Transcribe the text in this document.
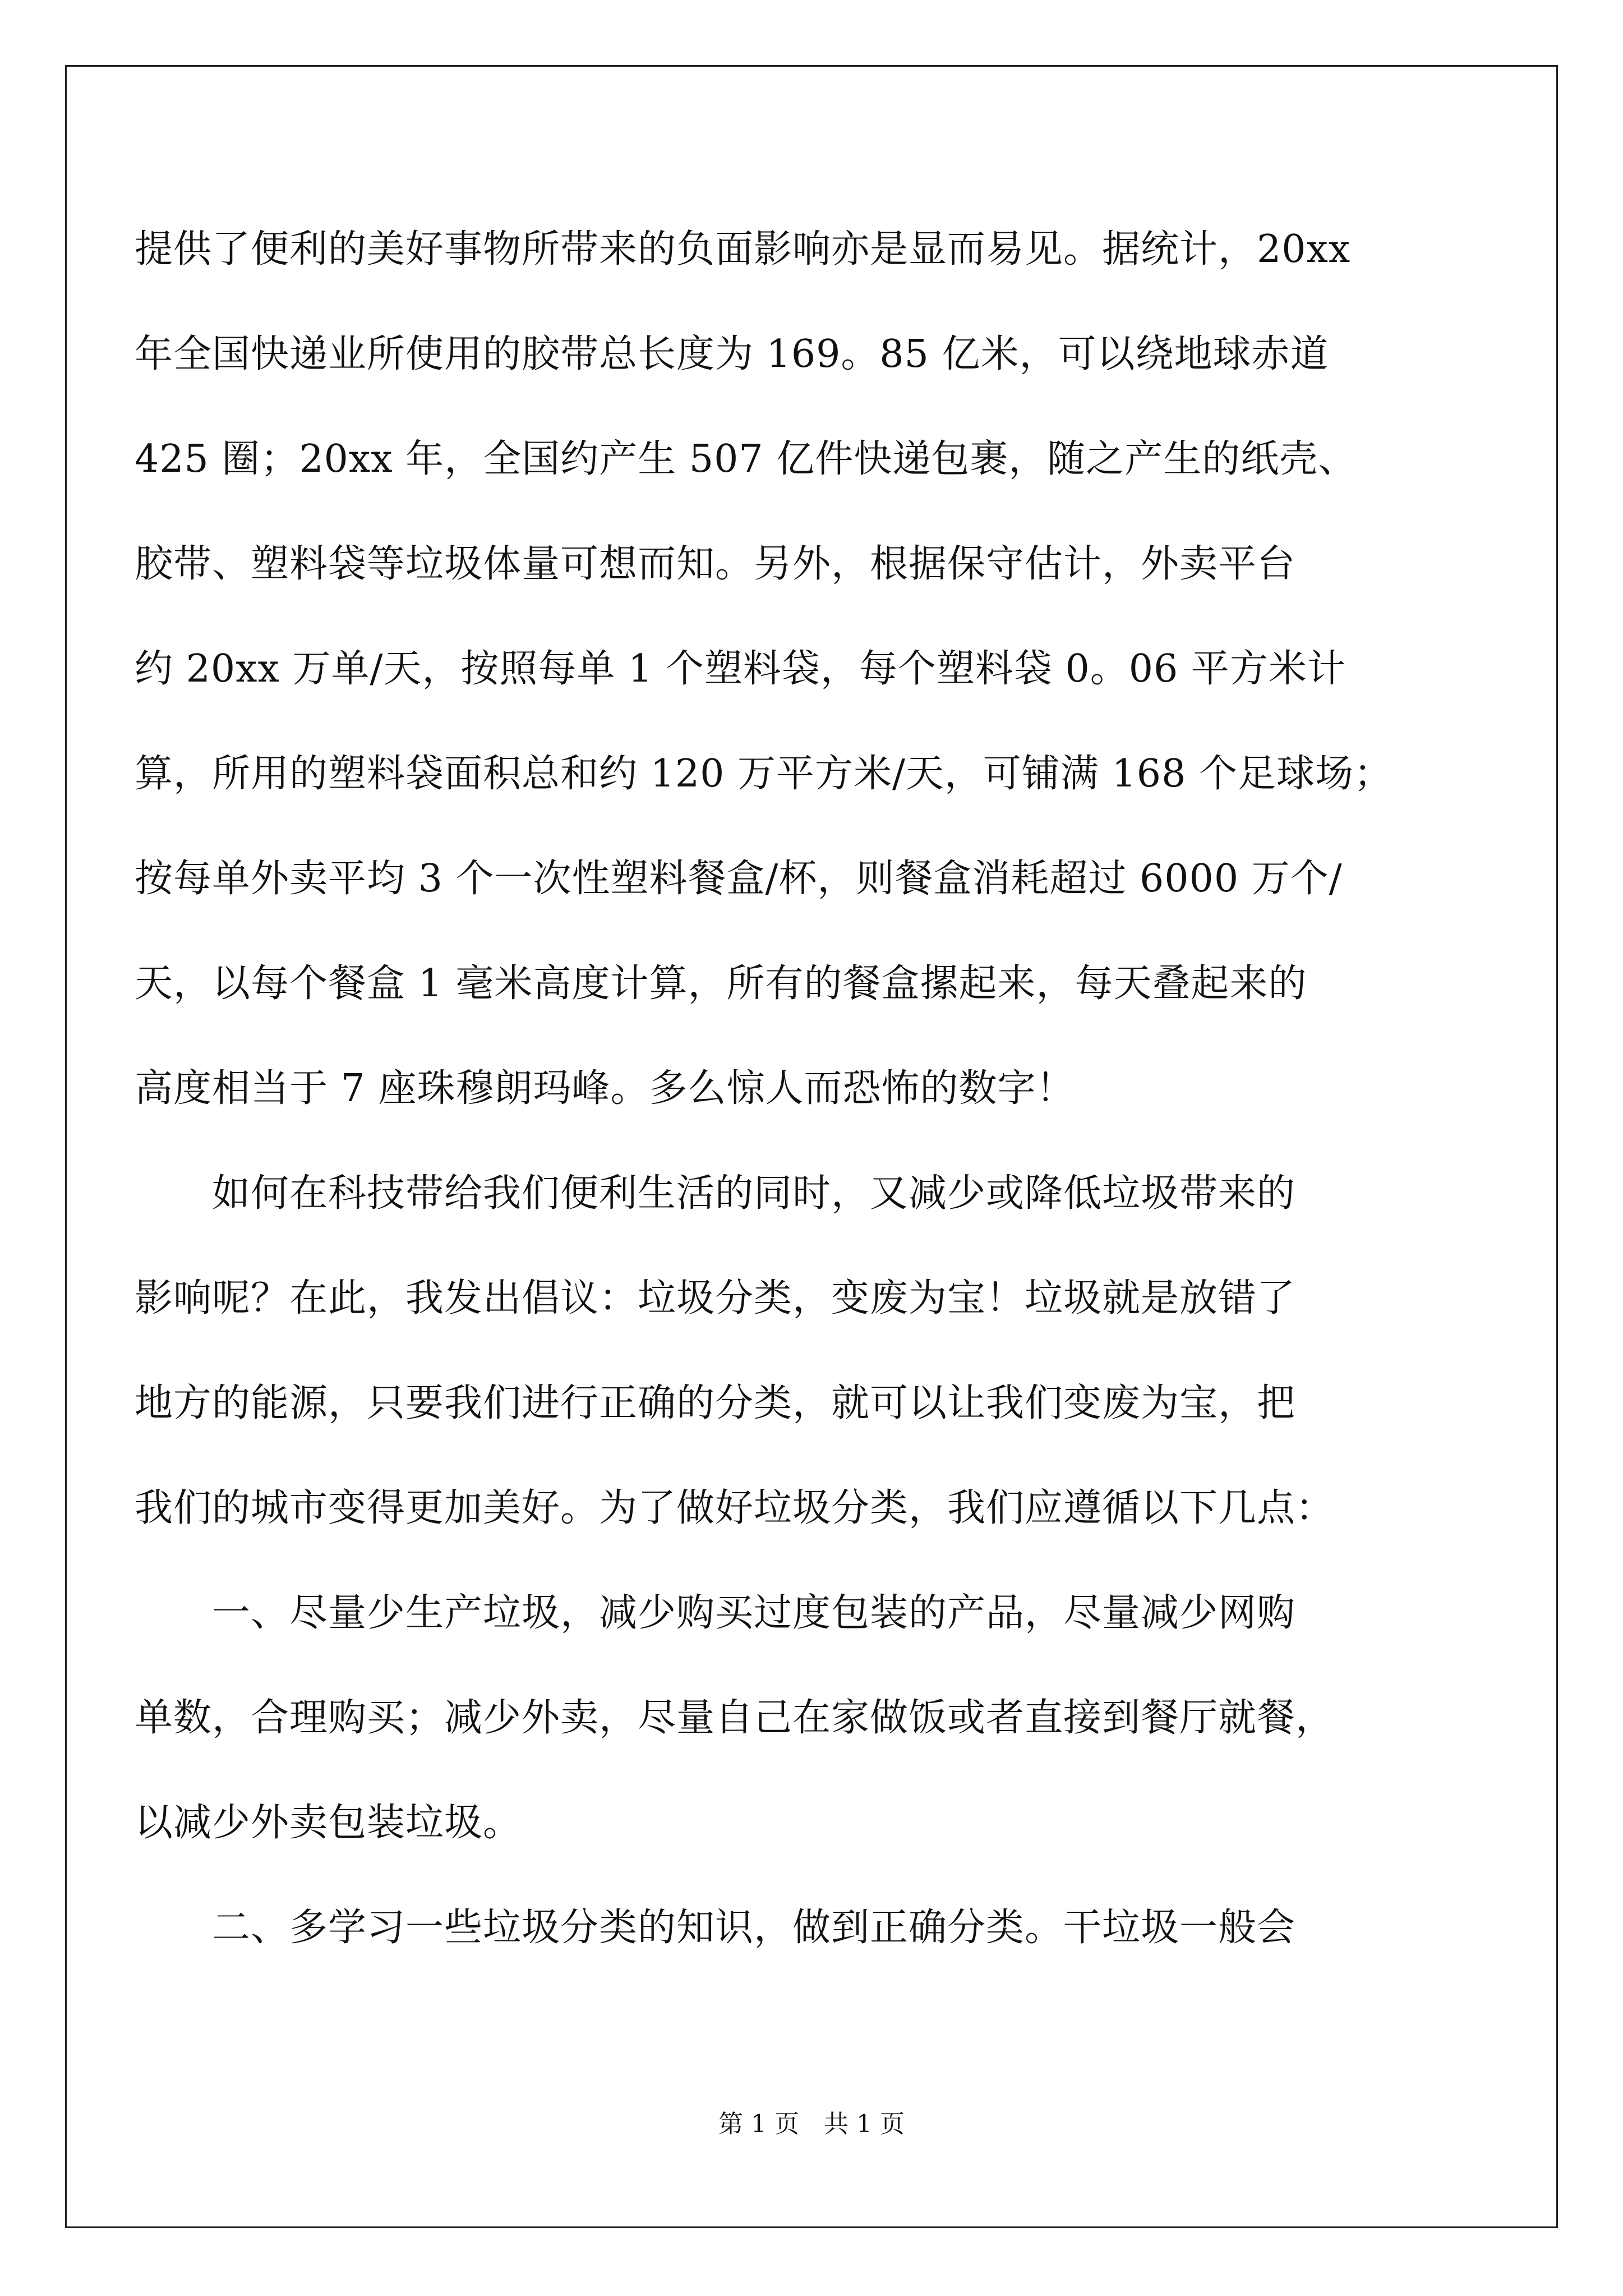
提供了便利的美好事物所带来的负面影响亦是显而易见。据统计，20xx
年全国快递业所使用的胶带总长度为 169。85 亿米，可以绕地球赤道
425 圈；20xx 年，全国约产生 507 亿件快递包裹，随之产生的纸壳、
胶带、塑料袋等垃圾体量可想而知。另外，根据保守估计，外卖平台
约 20xx 万单/天，按照每单 1 个塑料袋，每个塑料袋 0。06 平方米计
算，所用的塑料袋面积总和约 120 万平方米/天，可铺满 168 个足球场；
按每单外卖平均 3 个一次性塑料餐盒/杯，则餐盒消耗超过 6000 万个/
天，以每个餐盒 1 毫米高度计算，所有的餐盒摞起来，每天叠起来的
高度相当于 7 座珠穆朗玛峰。多么惊人而恐怖的数字！
　　如何在科技带给我们便利生活的同时，又减少或降低垃圾带来的
影响呢？在此，我发出倡议：垃圾分类，变废为宝！垃圾就是放错了
地方的能源，只要我们进行正确的分类，就可以让我们变废为宝，把
我们的城市变得更加美好。为了做好垃圾分类，我们应遵循以下几点：
　　一、尽量少生产垃圾，减少购买过度包装的产品，尽量减少网购
单数，合理购买；减少外卖，尽量自己在家做饭或者直接到餐厅就餐，
以减少外卖包装垃圾。
　　二、多学习一些垃圾分类的知识，做到正确分类。干垃圾一般会
第 1 页　共 1 页
